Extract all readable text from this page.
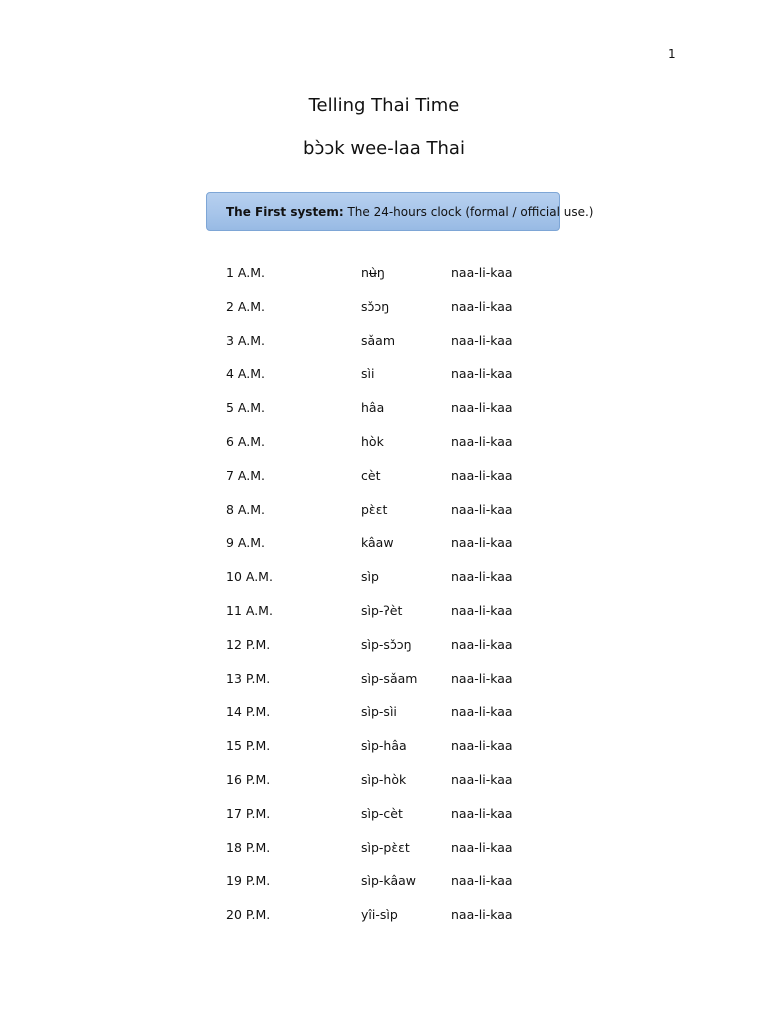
1
Telling Thai Time
bɔ̀ɔk wee-laa Thai
The First system: The 24-hours clock (formal / official use.)
1 A.M.	nʉ̀ŋ	naa-li-kaa
2 A.M.	sɔ̌ɔŋ	naa-li-kaa
3 A.M.	sǎam	naa-li-kaa
4 A.M.	sìi	naa-li-kaa
5 A.M.	hâa	naa-li-kaa
6 A.M.	hòk	naa-li-kaa
7 A.M.	cèt	naa-li-kaa
8 A.M.	pɛ̀ɛt	naa-li-kaa
9 A.M.	kâaw	naa-li-kaa
10 A.M.	sìp	naa-li-kaa
11 A.M.	sìp-ʔèt	naa-li-kaa
12 P.M.	sìp-sɔ̌ɔŋ	naa-li-kaa
13 P.M.	sìp-sǎam	naa-li-kaa
14 P.M.	sìp-sìi	naa-li-kaa
15 P.M.	sìp-hâa	naa-li-kaa
16 P.M.	sìp-hòk	naa-li-kaa
17 P.M.	sìp-cèt	naa-li-kaa
18 P.M.	sìp-pɛ̀ɛt	naa-li-kaa
19 P.M.	sìp-kâaw	naa-li-kaa
20 P.M.	yîi-sìp	naa-li-kaa
